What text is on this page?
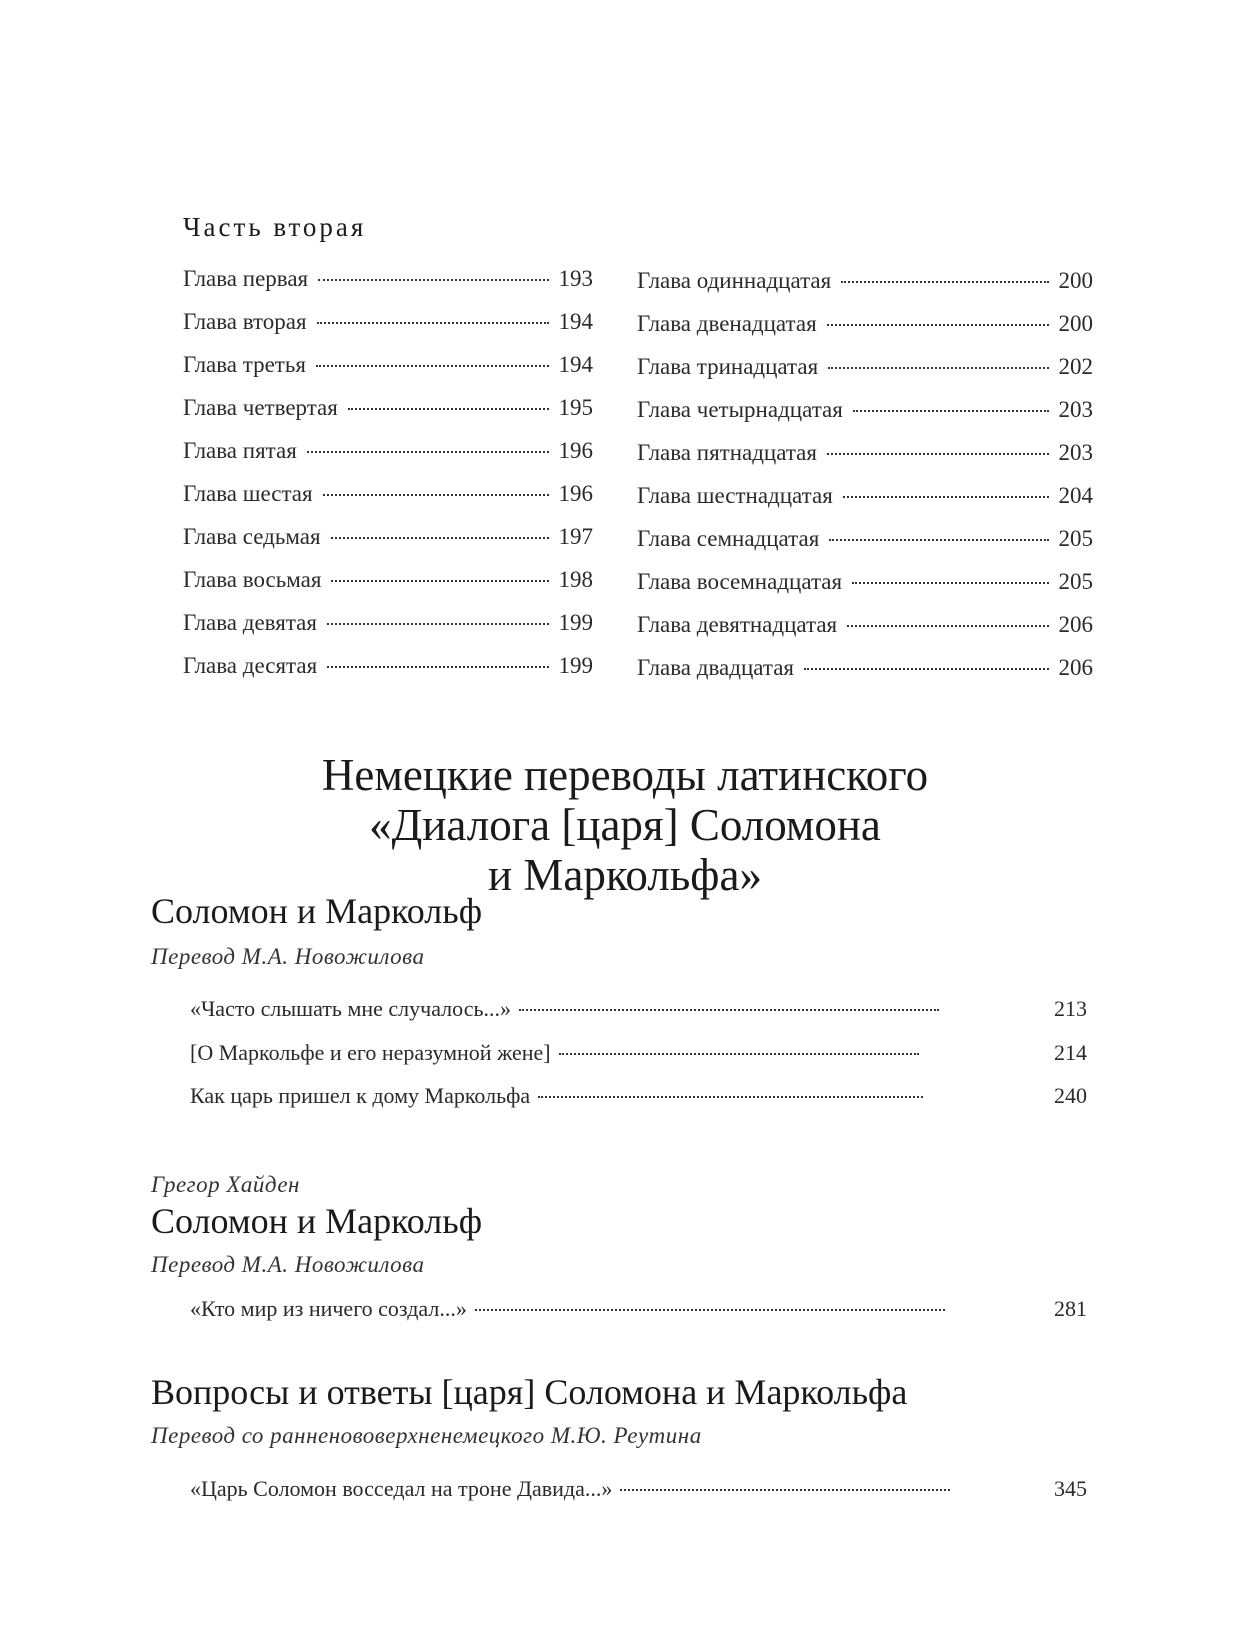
Часть вторая
Глава первая	193
Глава вторая	194
Глава третья	194
Глава четвертая	195
Глава пятая	196
Глава шестая	196
Глава седьмая	197
Глава восьмая	198
Глава девятая	199
Глава десятая	199
Глава одиннадцатая	200
Глава двенадцатая	200
Глава тринадцатая	202
Глава четырнадцатая	203
Глава пятнадцатая	203
Глава шестнадцатая	204
Глава семнадцатая	205
Глава восемнадцатая	205
Глава девятнадцатая	206
Глава двадцатая	206
Немецкие переводы латинского
«Диалога [царя] Соломона
и Маркольфа»
Соломон и Маркольф
Перевод М.А. Новожилова
«Часто слышать мне случалось...»	213
[О Маркольфе и его неразумной жене]	214
Как царь пришел к дому Маркольфа	240
Грегор Хайден
Соломон и Маркольф
Перевод М.А. Новожилова
«Кто мир из ничего создал...»	281
Вопросы и ответы [царя] Соломона и Маркольфа
Перевод со ранненововерхненемецкого М.Ю. Реутина
«Царь Соломон восседал на троне Давида...»	345
